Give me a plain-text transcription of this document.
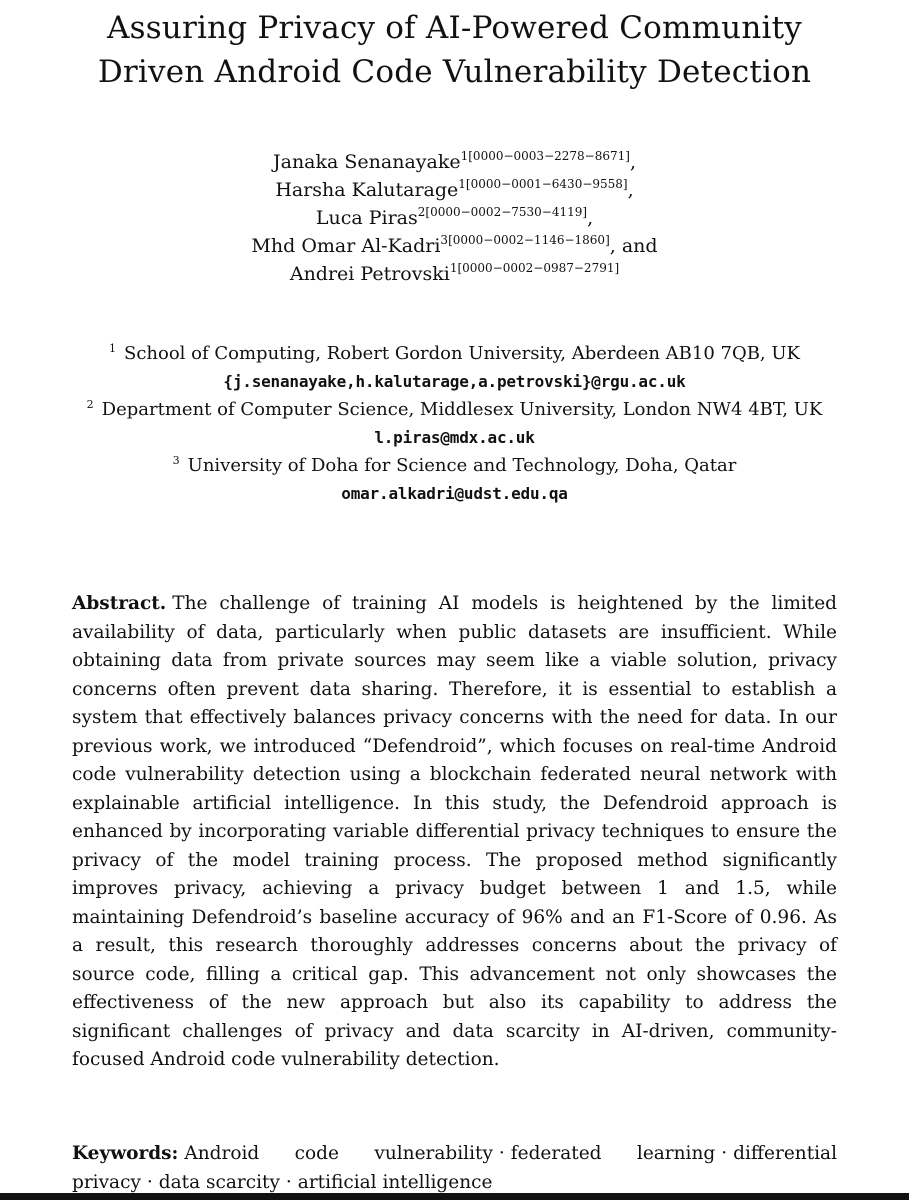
Assuring Privacy of AI-Powered Community
Driven Android Code Vulnerability Detection
Janaka Senanayake$^{1[0000-0003-2278-8671]}$,
Harsha Kalutarage$^{1[0000-0001-6430-9558]}$,
Luca Piras$^{2[0000-0002-7530-4119]}$,
Mhd Omar Al-Kadri$^{3[0000-0002-1146-1860]}$, and
Andrei Petrovski$^{1[0000-0002-0987-2791]}$
$^1$ School of Computing, Robert Gordon University, Aberdeen AB10 7QB, UK
{j.senanayake,h.kalutarage,a.petrovski}@rgu.ac.uk
$^2$ Department of Computer Science, Middlesex University, London NW4 4BT, UK
l.piras@mdx.ac.uk
$^3$ University of Doha for Science and Technology, Doha, Qatar
omar.alkadri@udst.edu.qa
Abstract. The challenge of training AI models is heightened by the limited availability of data, particularly when public datasets are insufficient. While obtaining data from private sources may seem like a viable solution, privacy concerns often prevent data sharing. Therefore, it is essential to establish a system that effectively balances privacy concerns with the need for data. In our previous work, we introduced “Defendroid”, which focuses on real-time Android code vulnerability detection using a blockchain federated neural network with explainable artificial intelligence. In this study, the Defendroid approach is enhanced by incorporating variable differential privacy techniques to ensure the privacy of the model training process. The proposed method significantly improves privacy, achieving a privacy budget between 1 and 1.5, while maintaining Defendroid’s baseline accuracy of 96% and an F1-Score of 0.96. As a result, this research thoroughly addresses concerns about the privacy of source code, filling a critical gap. This advancement not only showcases the effectiveness of the new approach but also its capability to address the significant challenges of privacy and data scarcity in AI-driven, community-focused Android code vulnerability detection.
Keywords: Android code vulnerability · federated learning · differential privacy · data scarcity · artificial intelligence
